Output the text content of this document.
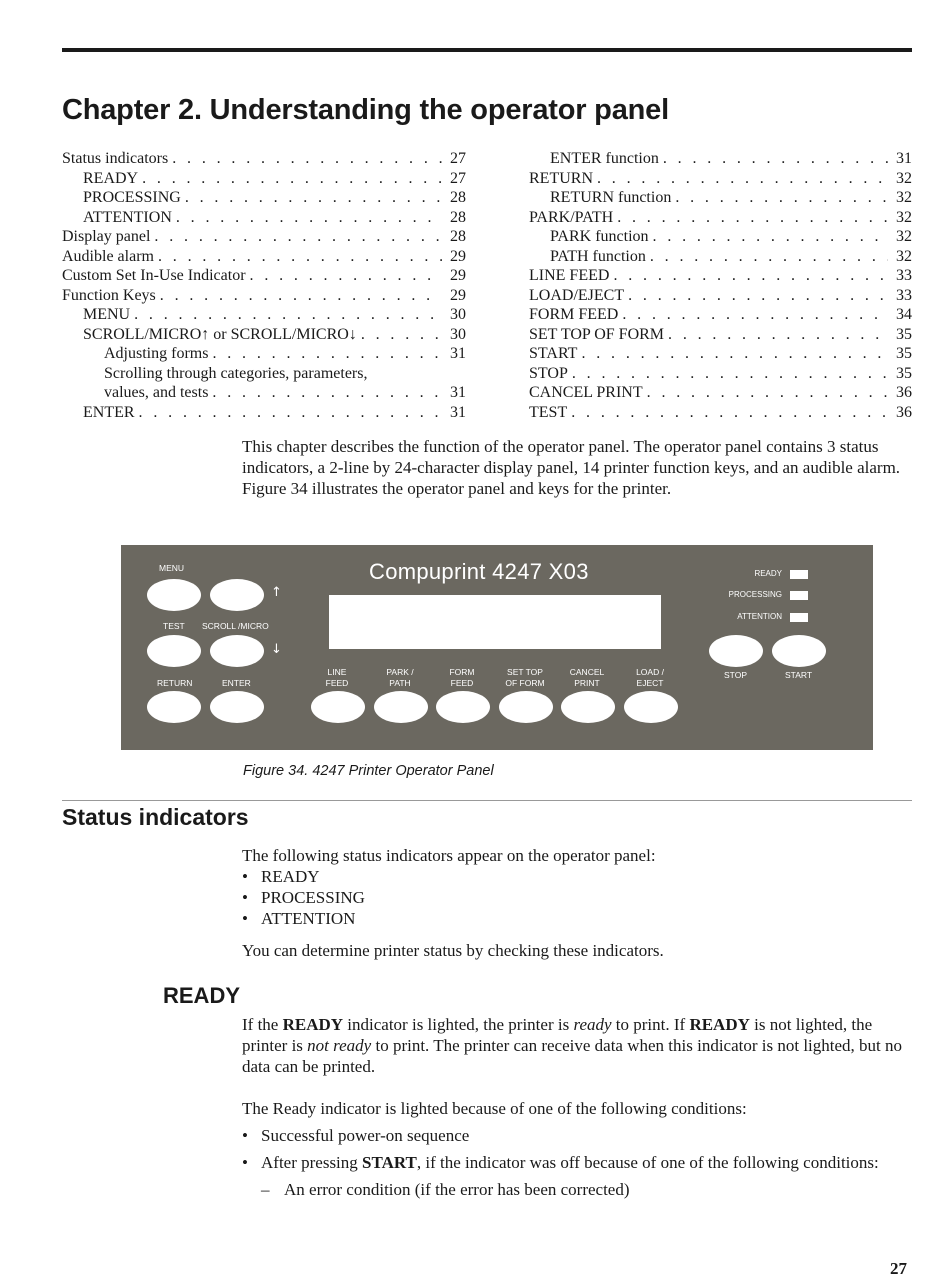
Chapter 2. Understanding the operator panel
Status indicators . . .	27
READY . . .	27
PROCESSING . . .	28
ATTENTION . . .	28
Display panel . . .	28
Audible alarm . . .	29
Custom Set In-Use Indicator . . .	29
Function Keys . . .	29
MENU . . .	30
SCROLL/MICRO↑ or SCROLL/MICRO↓ . . .	30
Adjusting forms . . .	31
Scrolling through categories, parameters,
values, and tests . . .	31
ENTER . . .	31
ENTER function . . .	31
RETURN . . .	32
RETURN function . . .	32
PARK/PATH . . .	32
PARK function . . .	32
PATH function . . .	32
LINE FEED . . .	33
LOAD/EJECT . . .	33
FORM FEED . . .	34
SET TOP OF FORM . . .	35
START . . .	35
STOP . . .	35
CANCEL PRINT . . .	36
TEST . . .	36

This chapter describes the function of the operator panel. The operator panel contains 3 status indicators, a 2-line by 24-character display panel, 14 printer function keys, and an audible alarm. Figure 34 illustrates the operator panel and keys for the printer.

Compuprint 4247 X03

MENU
↑
TEST SCROLL /MICRO
↓
RETURN	ENTER
LINE
FEED
PARK /
PATH
FORM
FEED
SET TOP
OF FORM
CANCEL
PRINT
LOAD /
EJECT
READY
PROCESSING
ATTENTION
STOP	START

Figure 34. 4247 Printer Operator Panel

Status indicators
The following status indicators appear on the operator panel:
• READY
• PROCESSING
• ATTENTION
You can determine printer status by checking these indicators.
READY

If the READY indicator is lighted, the printer is ready to print. If READY is not lighted, the printer is not ready to print. The printer can receive data when this indicator is not lighted, but no data can be printed.

The Ready indicator is lighted because of one of the following conditions:

• Successful power-on sequence
• After pressing START, if the indicator was off because of one of the following conditions:
– An error condition (if the error has been corrected)
27
